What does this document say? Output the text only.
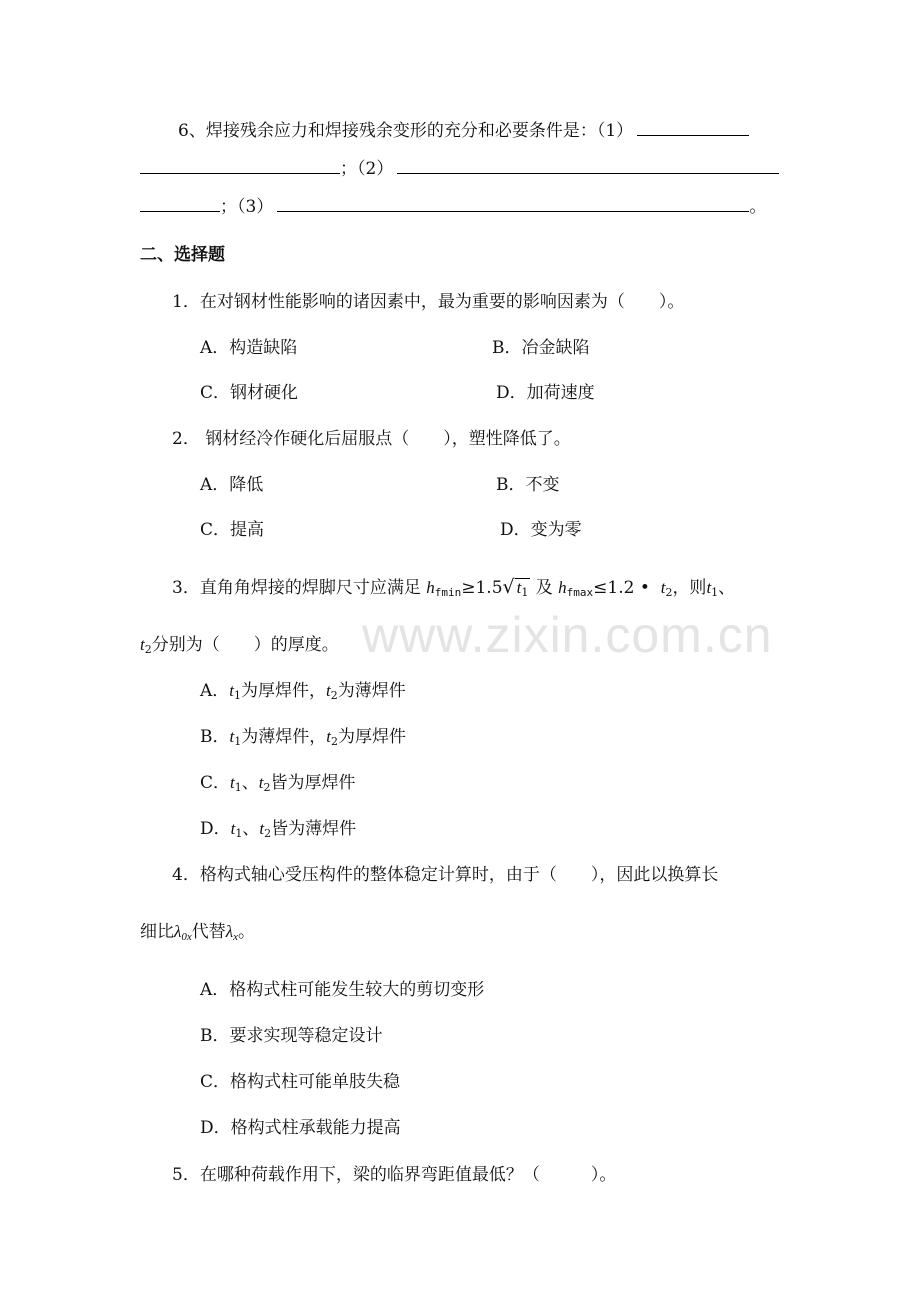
www.zixin.com.cn
6、焊接残余应力和焊接残余变形的充分和必要条件是：（1）
；（2）
；（3）	。
二、选择题
1．在对钢材性能影响的诸因素中，最为重要的影响因素为（　　）。
A．构造缺陷	B．冶金缺陷
C．钢材硬化	D．加荷速度
2． 钢材经冷作硬化后屈服点（　　），塑性降低了。
A．降低	B．不变
C．提高	D．变为零
3．直角角焊接的焊脚尺寸应满足 hfmin≥1.5√ $t_1$ 及 hfmax≤1.2 • $t_2$，则$t_1$、
$t_2$分别为（　　）的厚度。
A．$t_1$为厚焊件，$t_2$为薄焊件
B．$t_1$为薄焊件，$t_2$为厚焊件
C．$t_1$、$t_2$皆为厚焊件
D．$t_1$、$t_2$皆为薄焊件
4．格构式轴心受压构件的整体稳定计算时，由于（　　），因此以换算长
细比$\lambda_{0x}$代替$\lambda_x$。
A．格构式柱可能发生较大的剪切变形
B．要求实现等稳定设计
C．格构式柱可能单肢失稳
D．格构式柱承载能力提高
5．在哪种荷载作用下，梁的临界弯距值最低？（　　　）。
